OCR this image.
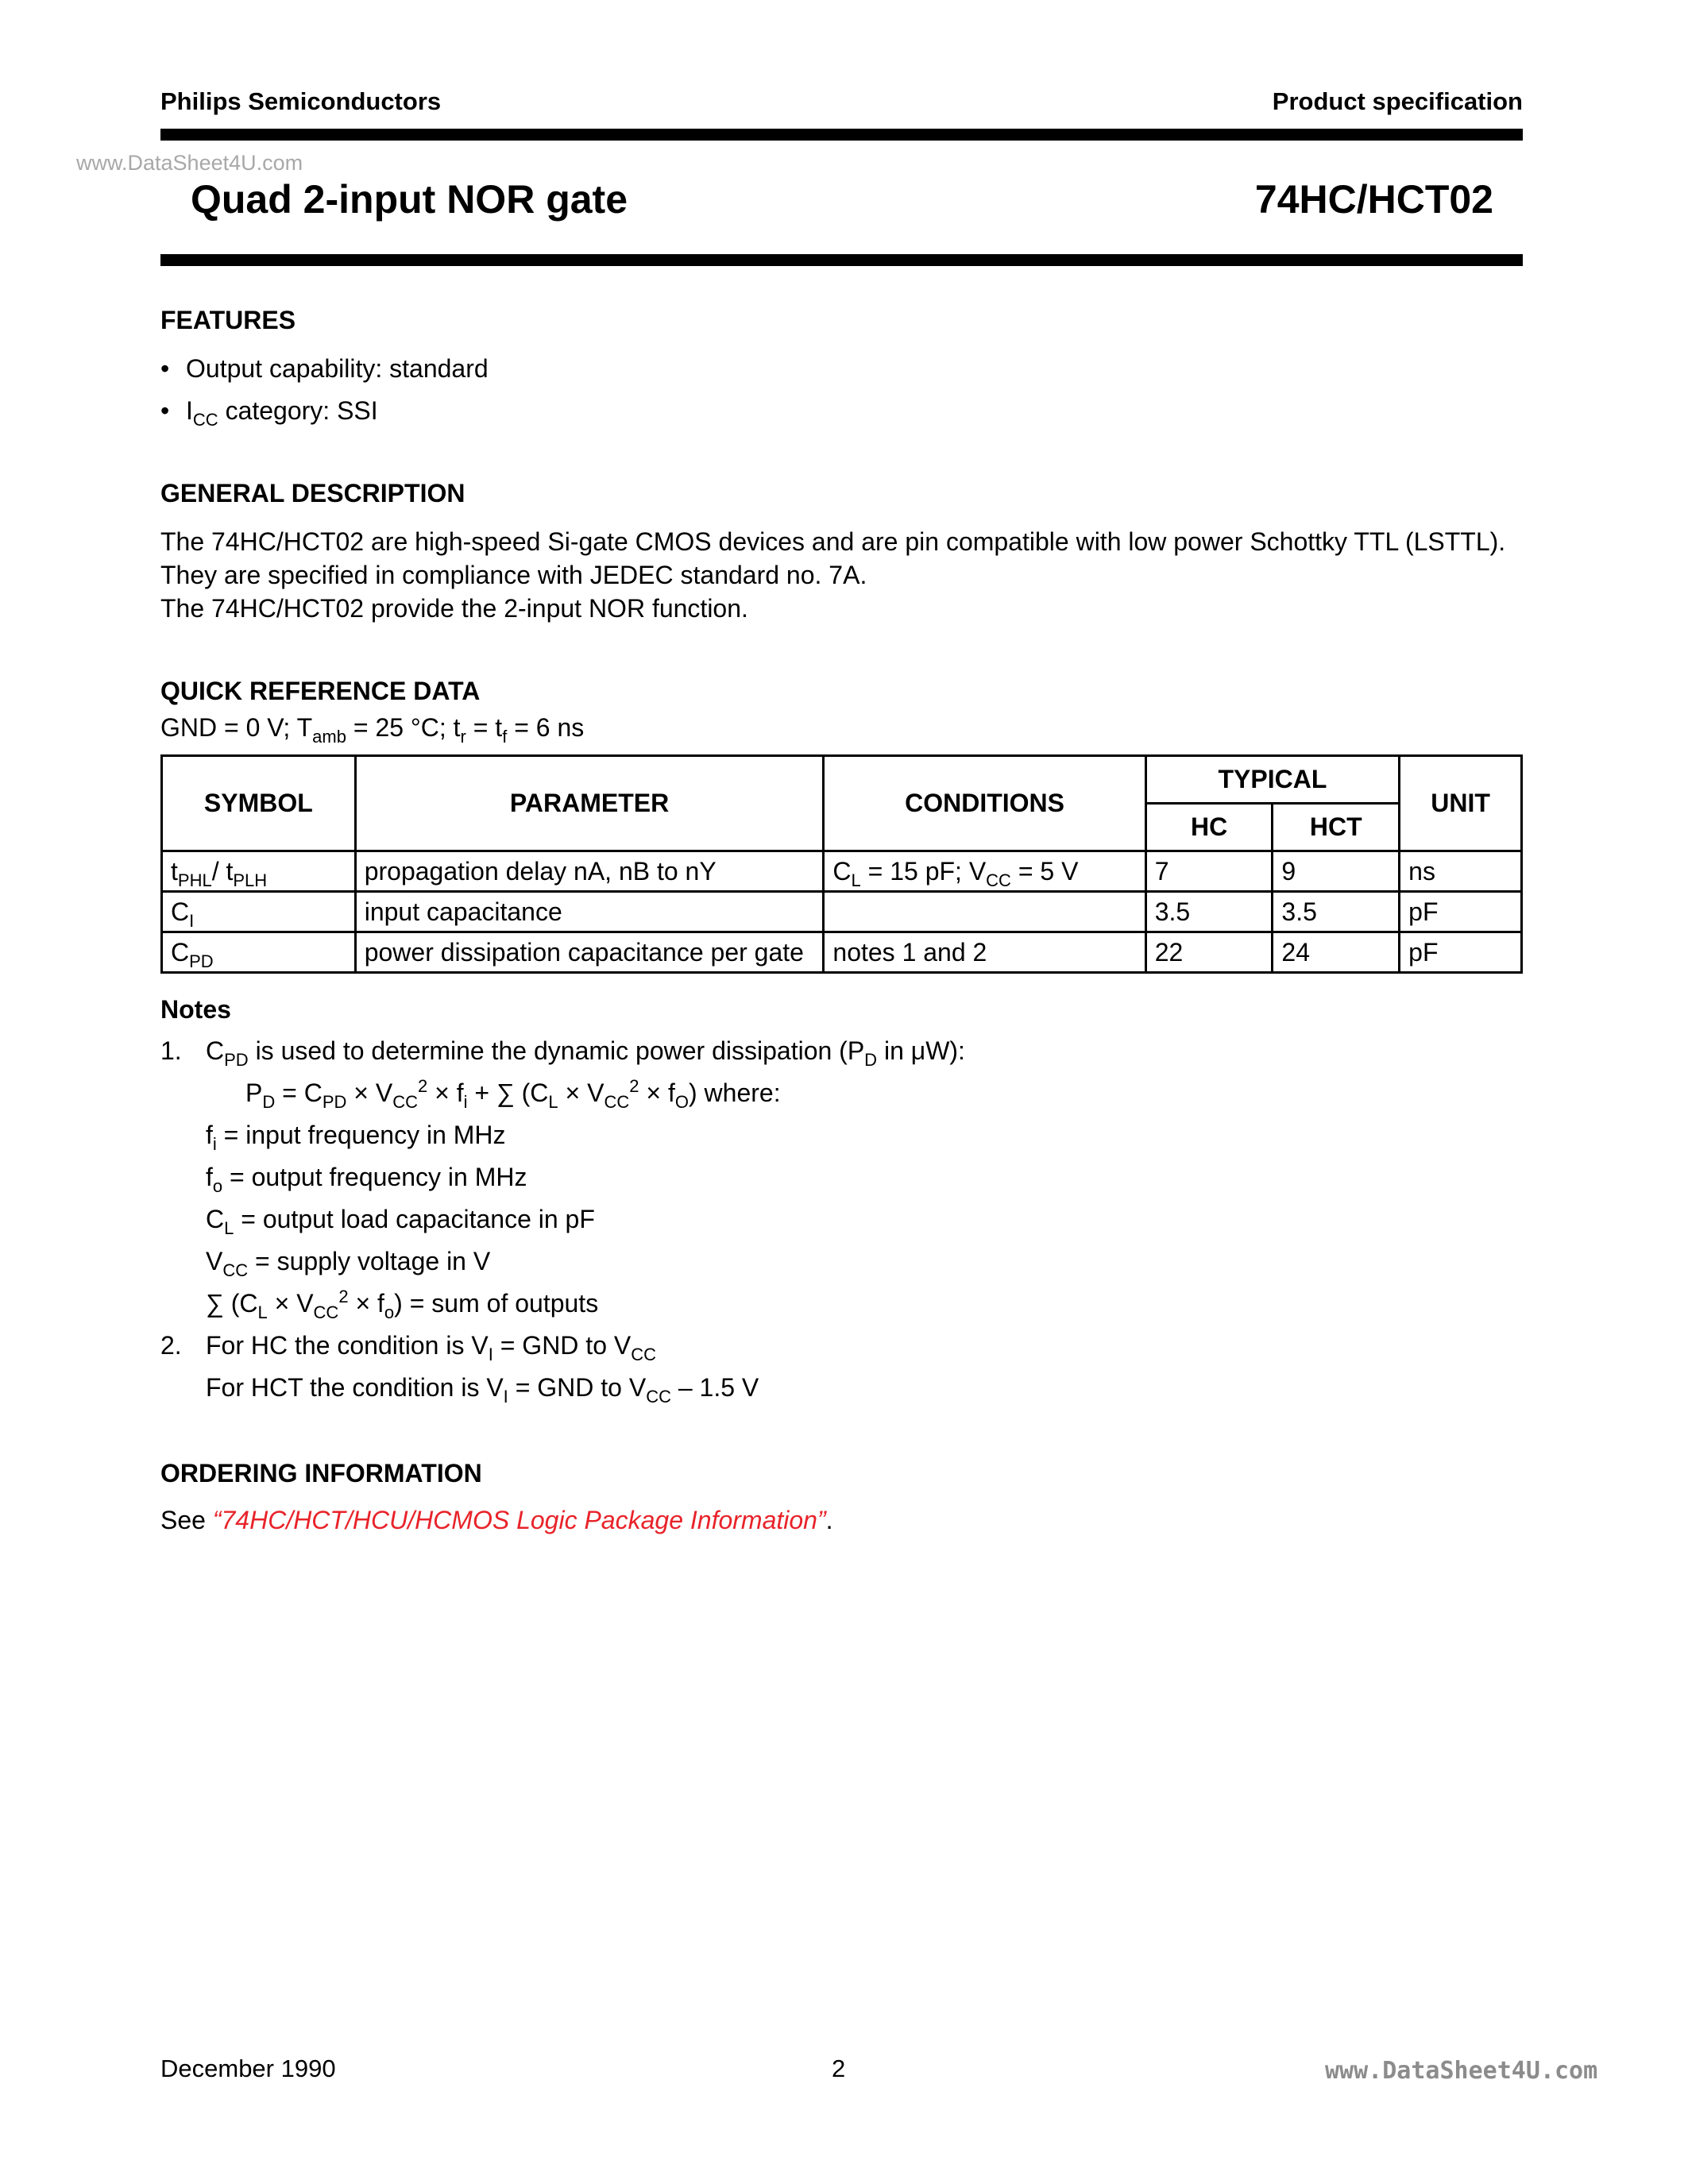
Philips Semiconductors	Product specification
www.DataSheet4U.com
Quad 2-input NOR gate	74HC/HCT02
FEATURES
• Output capability: standard
• $I_{CC}$ category: SSI
GENERAL DESCRIPTION
The 74HC/HCT02 are high-speed Si-gate CMOS devices and are pin compatible with low power Schottky TTL (LSTTL).
They are specified in compliance with JEDEC standard no. 7A.
The 74HC/HCT02 provide the 2-input NOR function.
QUICK REFERENCE DATA
GND = 0 V; $T_{amb} = 25$ °C; $t_r = t_f = 6$ ns
SYMBOL	PARAMETER	CONDITIONS	TYPICAL		UNIT
			HC	HCT	
$t_{PHL}/$ $t_{PLH}$	propagation delay nA, nB to nY	$C_L = 15$ pF; $V_{CC} = 5$ V	7	9	ns
$C_I$	input capacitance		3.5	3.5	pF
$C_{PD}$	power dissipation capacitance per gate	notes 1 and 2	22	24	pF
Notes
1. $C_{PD}$ is used to determine the dynamic power dissipation ($P_D$ in μW):
$P_D = C_{PD} \times V_{CC}^2 \times f_i$ + ∑ $(C_L \times V_{CC}^2 \times f_O)$ where:
$f_i$ = input frequency in MHz
$f_o$ = output frequency in MHz
$C_L$ = output load capacitance in pF
$V_{CC}$ = supply voltage in V
∑ $(C_L \times V_{CC}^2 \times f_o)$ = sum of outputs
2. For HC the condition is $V_I$ = GND to $V_{CC}$
For HCT the condition is $V_I$ = GND to $V_{CC} - 1.5$ V
ORDERING INFORMATION
See “74HC/HCT/HCU/HCMOS Logic Package Information”.
December 1990	2	www.DataSheet4U.com
